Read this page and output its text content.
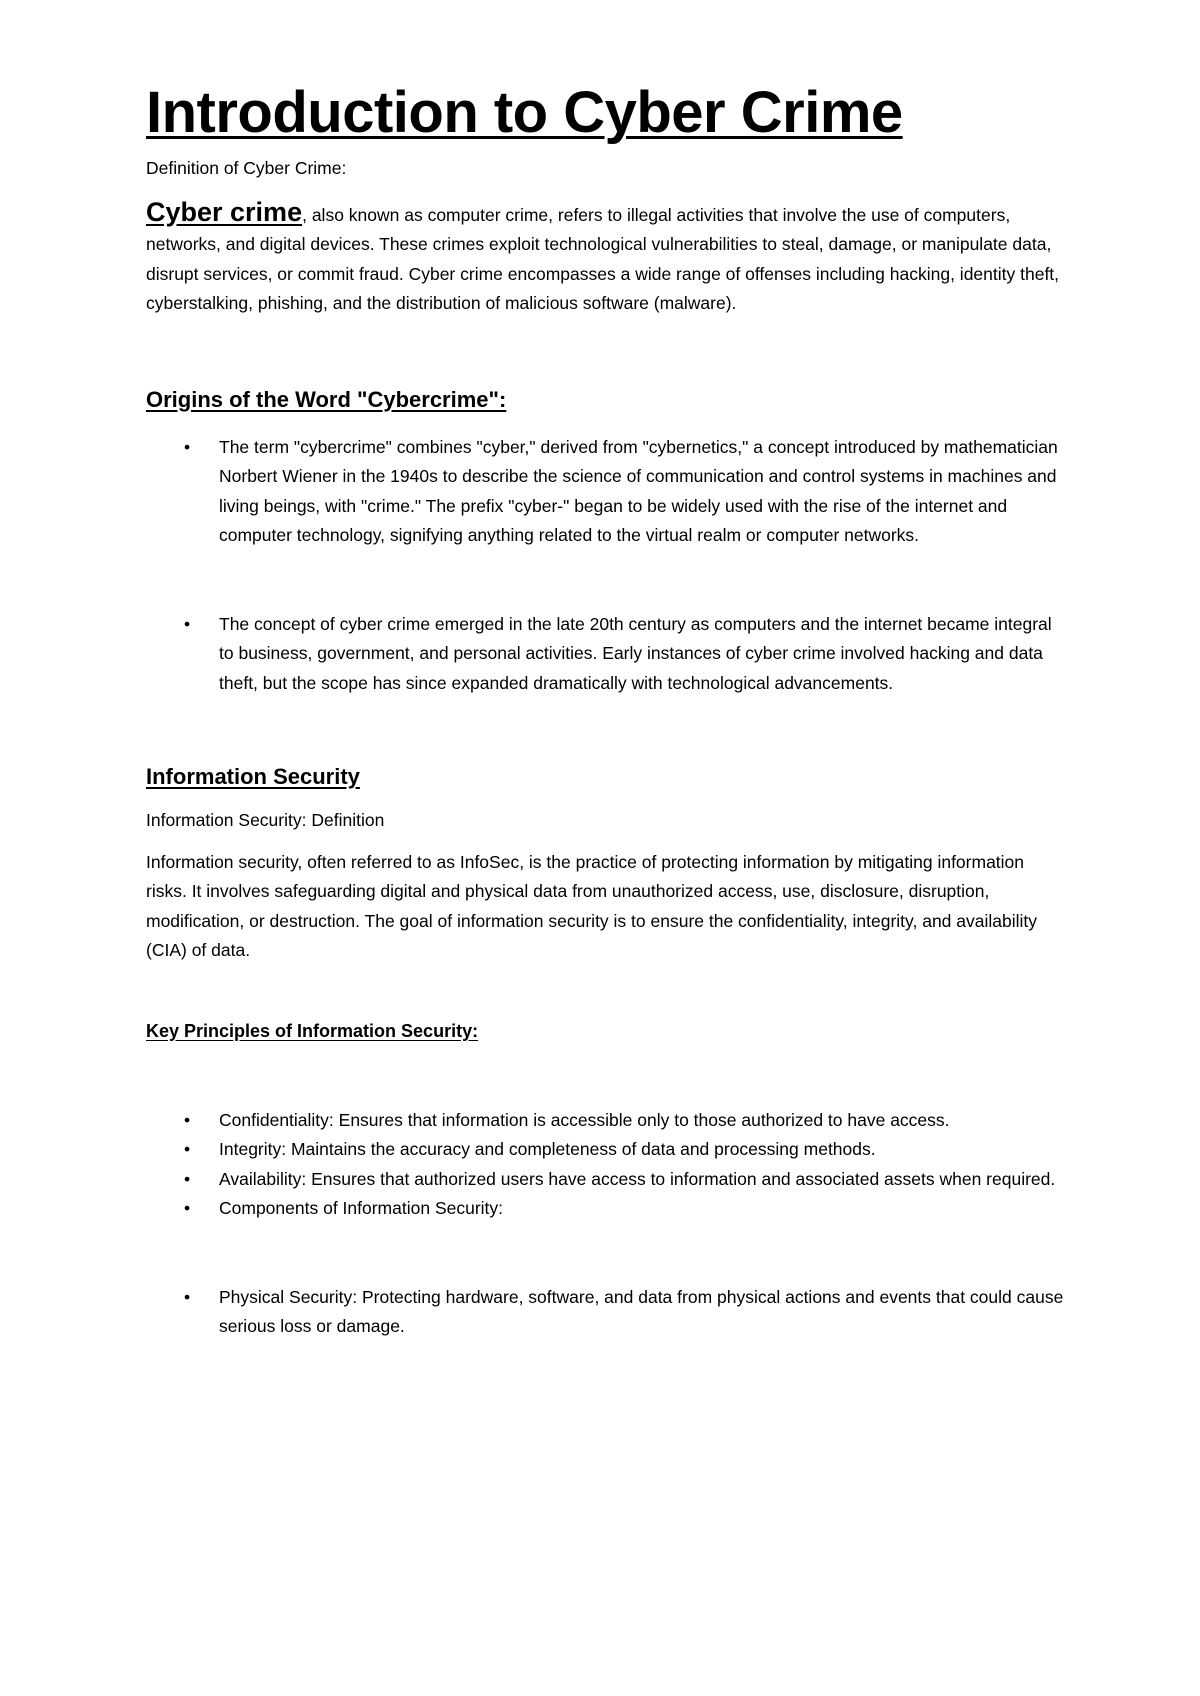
Introduction to Cyber Crime

Definition of Cyber Crime:

Cyber crime, also known as computer crime, refers to illegal activities that involve the use of computers, networks, and digital devices. These crimes exploit technological vulnerabilities to steal, damage, or manipulate data, disrupt services, or commit fraud. Cyber crime encompasses a wide range of offenses including hacking, identity theft, cyberstalking, phishing, and the distribution of malicious software (malware).

Origins of the Word "Cybercrime":
• The term "cybercrime" combines "cyber," derived from "cybernetics," a concept introduced by mathematician Norbert Wiener in the 1940s to describe the science of communication and control systems in machines and living beings, with "crime." The prefix "cyber-" began to be widely used with the rise of the internet and computer technology, signifying anything related to the virtual realm or computer networks.
• The concept of cyber crime emerged in the late 20th century as computers and the internet became integral to business, government, and personal activities. Early instances of cyber crime involved hacking and data theft, but the scope has since expanded dramatically with technological advancements.
Information Security

Information Security: Definition

Information security, often referred to as InfoSec, is the practice of protecting information by mitigating information risks. It involves safeguarding digital and physical data from unauthorized access, use, disclosure, disruption, modification, or destruction. The goal of information security is to ensure the confidentiality, integrity, and availability (CIA) of data.

Key Principles of Information Security:
• Confidentiality: Ensures that information is accessible only to those authorized to have access.
• Integrity: Maintains the accuracy and completeness of data and processing methods.
• Availability: Ensures that authorized users have access to information and associated assets when required.
• Components of Information Security:
• Physical Security: Protecting hardware, software, and data from physical actions and events that could cause serious loss or damage.
